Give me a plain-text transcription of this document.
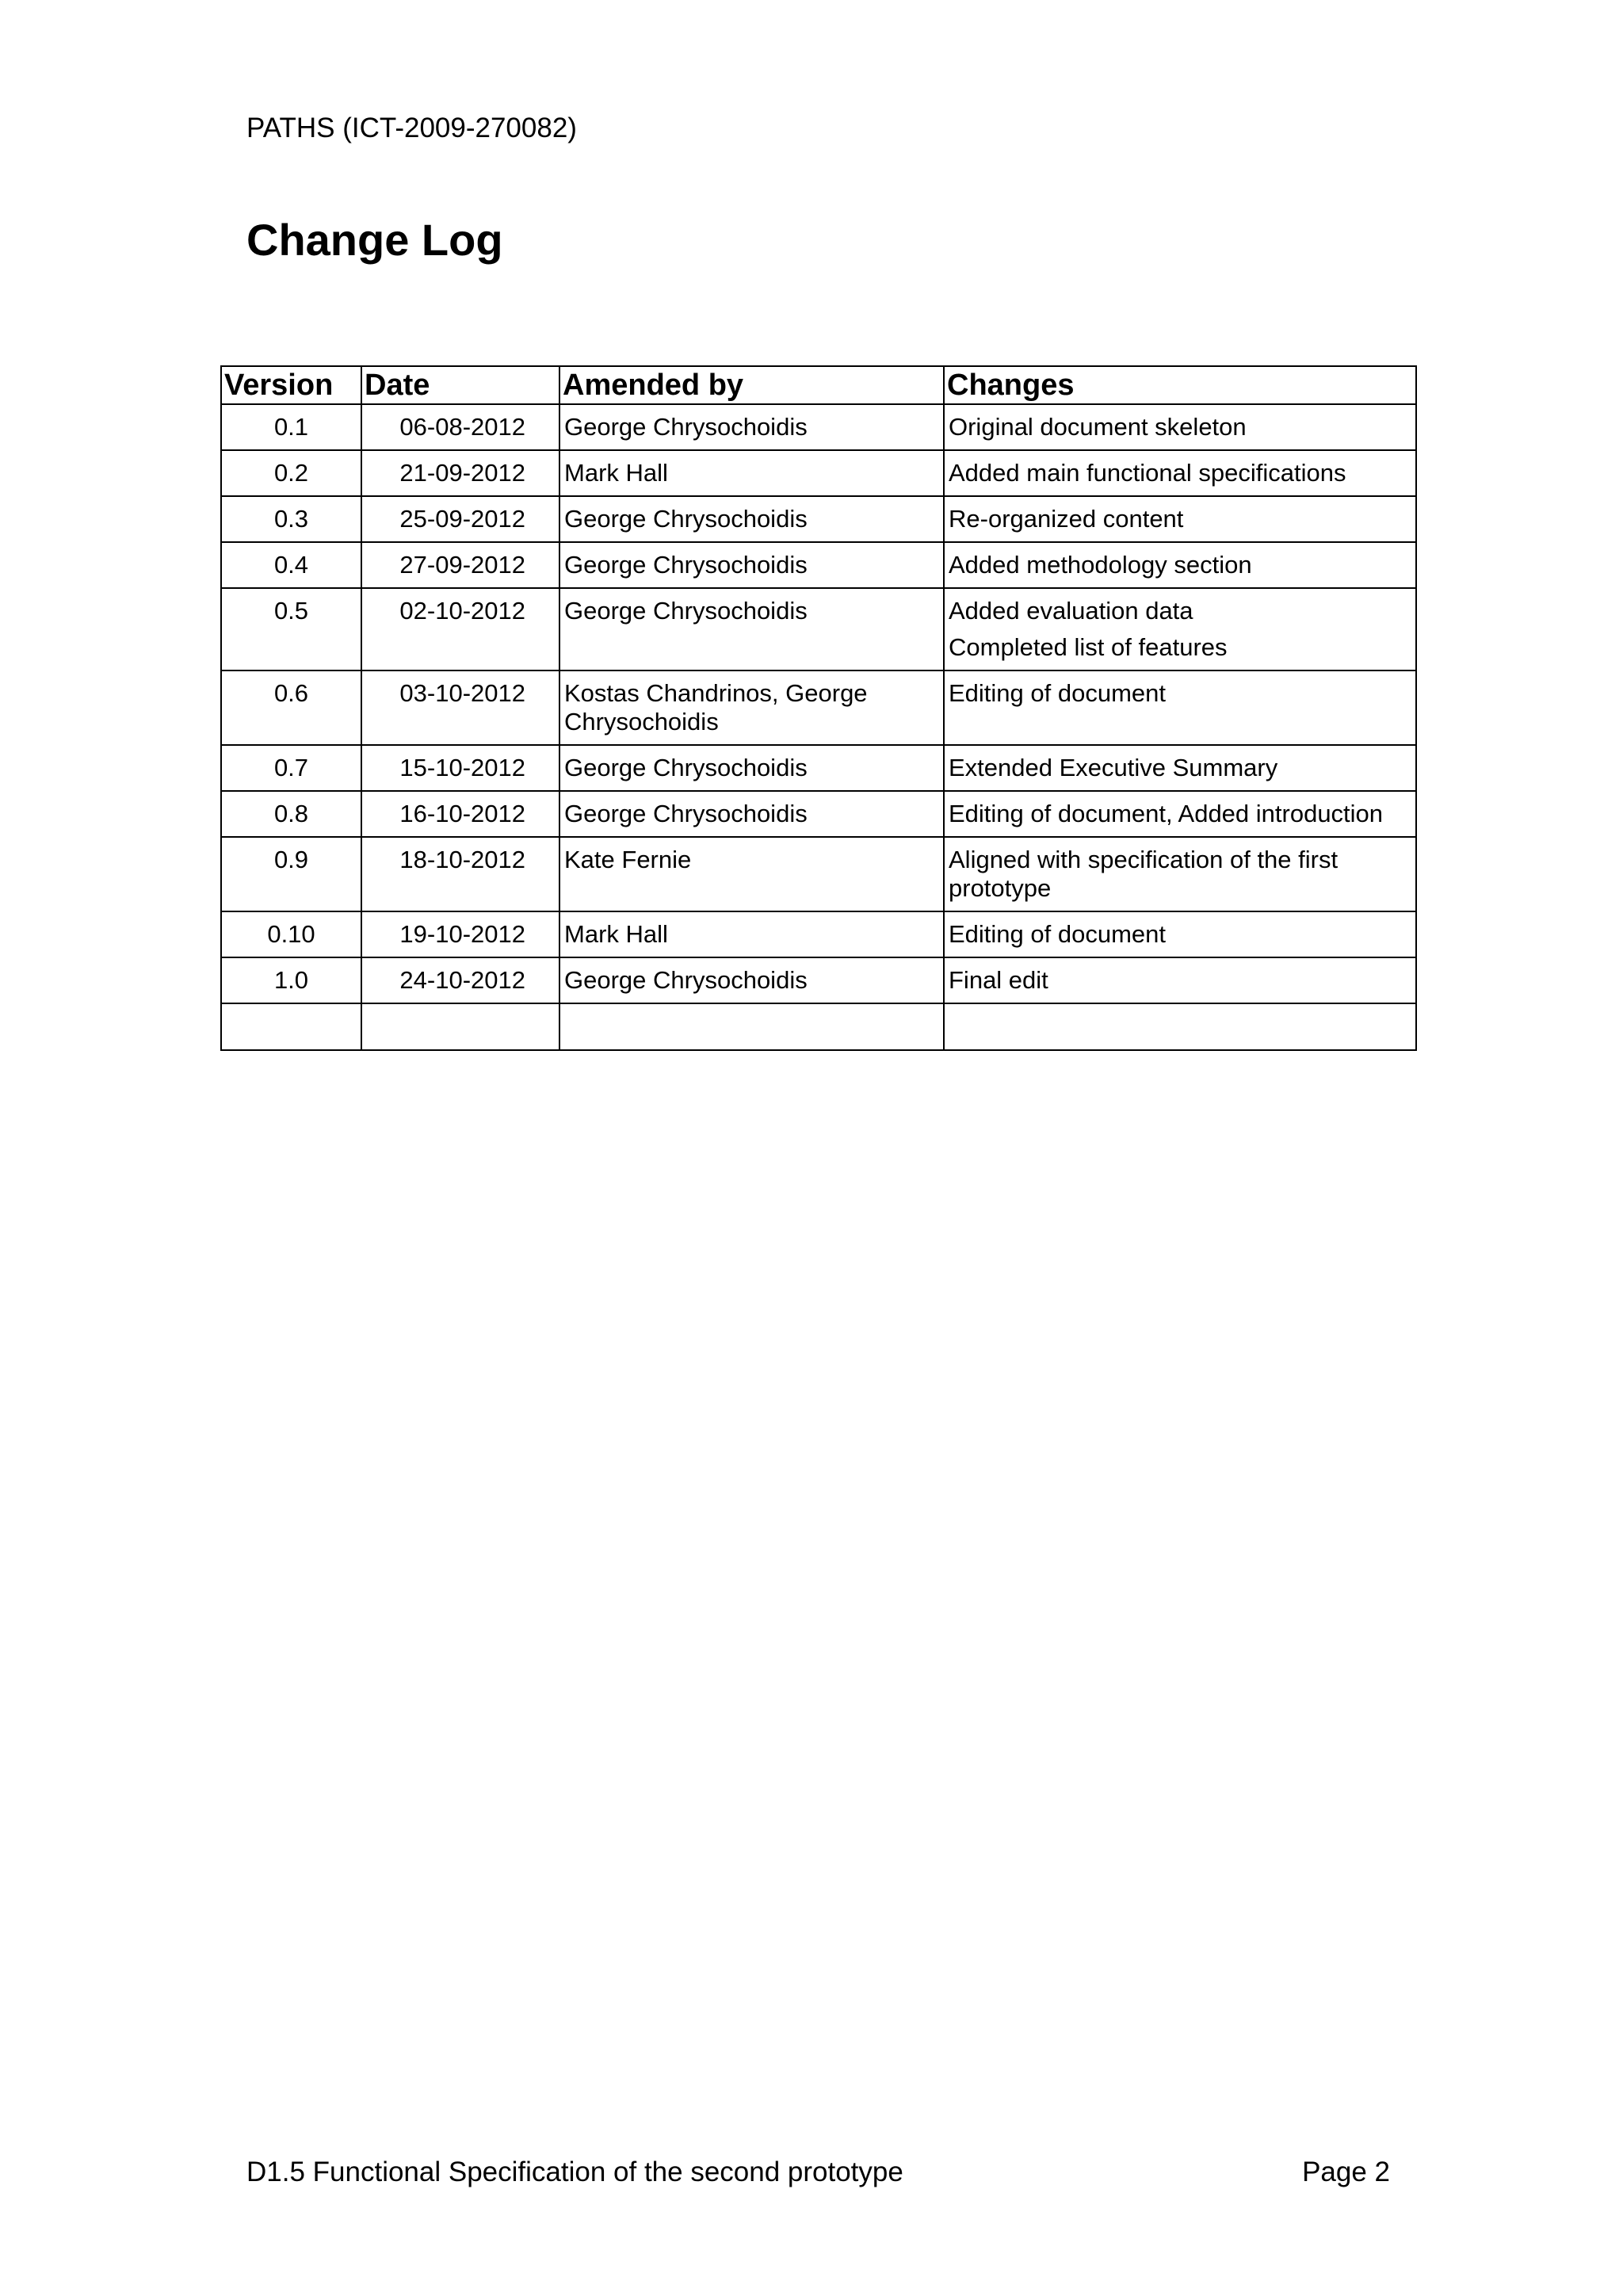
PATHS (ICT-2009-270082)
Change Log
Version	Date	Amended by	Changes
0.1	06-08-2012	George Chrysochoidis	Original document skeleton

0.2	21-09-2012	Mark Hall	Added main functional specifications

0.3	25-09-2012	George Chrysochoidis	Re-organized content

0.4	27-09-2012	George Chrysochoidis	Added methodology section

0.5	02-10-2012	George Chrysochoidis	Added evaluation data
Completed list of features

0.6	03-10-2012	Kostas Chandrinos, George Chrysochoidis	Editing of document

0.7	15-10-2012	George Chrysochoidis	Extended Executive Summary

0.8	16-10-2012	George Chrysochoidis	Editing of document, Added introduction

0.9	18-10-2012	Kate Fernie	Aligned with specification of the first prototype

0.10	19-10-2012	Mark Hall	Editing of document

1.0	24-10-2012	George Chrysochoidis	Final edit

D1.5 Functional Specification of the second prototype	Page 2
